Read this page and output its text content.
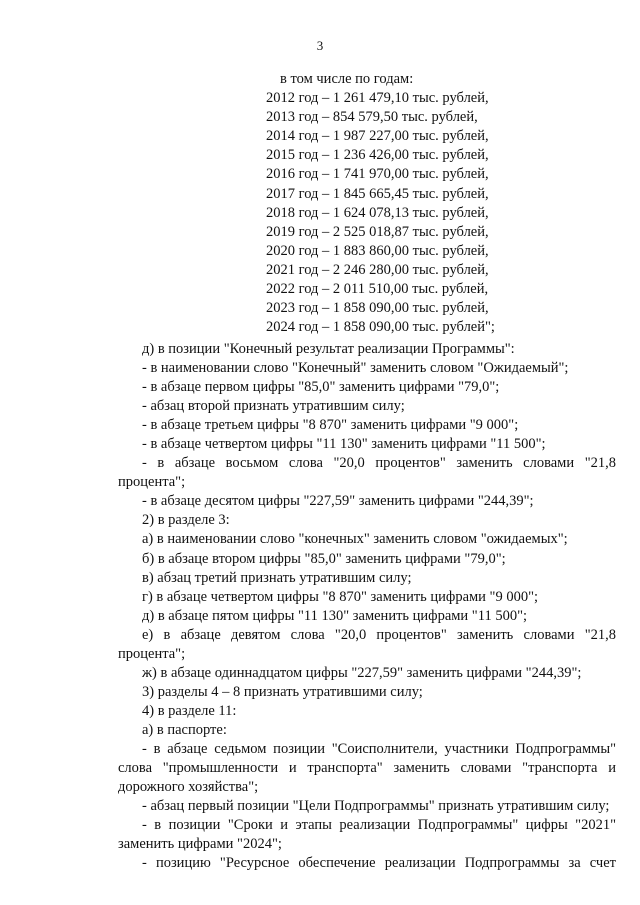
3
в том числе по годам:
2012 год – 1 261 479,10 тыс. рублей,
2013 год – 854 579,50 тыс. рублей,
2014 год – 1 987 227,00 тыс. рублей,
2015 год – 1 236 426,00 тыс. рублей,
2016 год – 1 741 970,00 тыс. рублей,
2017 год – 1 845 665,45 тыс. рублей,
2018 год – 1 624 078,13 тыс. рублей,
2019 год – 2 525 018,87 тыс. рублей,
2020 год – 1 883 860,00 тыс. рублей,
2021 год – 2 246 280,00 тыс. рублей,
2022 год – 2 011 510,00 тыс. рублей,
2023 год – 1 858 090,00 тыс. рублей,
2024 год – 1 858 090,00 тыс. рублей";

д) в позиции "Конечный результат реализации Программы":

- в наименовании слово "Конечный" заменить словом "Ожидаемый";

- в абзаце первом цифры "85,0" заменить цифрами "79,0";

- абзац второй признать утратившим силу;

- в абзаце третьем цифры "8 870" заменить цифрами "9 000";

- в абзаце четвертом цифры "11 130" заменить цифрами "11 500";

- в абзаце восьмом слова "20,0 процентов" заменить словами "21,8 процента";

- в абзаце десятом цифры "227,59" заменить цифрами "244,39";

2) в разделе 3:

а) в наименовании слово "конечных" заменить словом "ожидаемых";

б) в абзаце втором цифры "85,0" заменить цифрами "79,0";

в) абзац третий признать утратившим силу;

г) в абзаце четвертом цифры "8 870" заменить цифрами "9 000";

д) в абзаце пятом цифры "11 130" заменить цифрами "11 500";

е) в абзаце девятом слова "20,0 процентов" заменить словами "21,8 процента";

ж) в абзаце одиннадцатом цифры "227,59" заменить цифрами "244,39";

3) разделы 4 – 8 признать утратившими силу;

4) в разделе 11:

а) в паспорте:

- в абзаце седьмом позиции "Соисполнители, участники Подпрограммы" слова "промышленности и транспорта" заменить словами "транспорта и дорожного хозяйства";

- абзац первый позиции "Цели Подпрограммы" признать утратившим силу;

- в позиции "Сроки и этапы реализации Подпрограммы" цифры "2021" заменить цифрами "2024";

- позицию "Ресурсное обеспечение реализации Подпрограммы за счет
